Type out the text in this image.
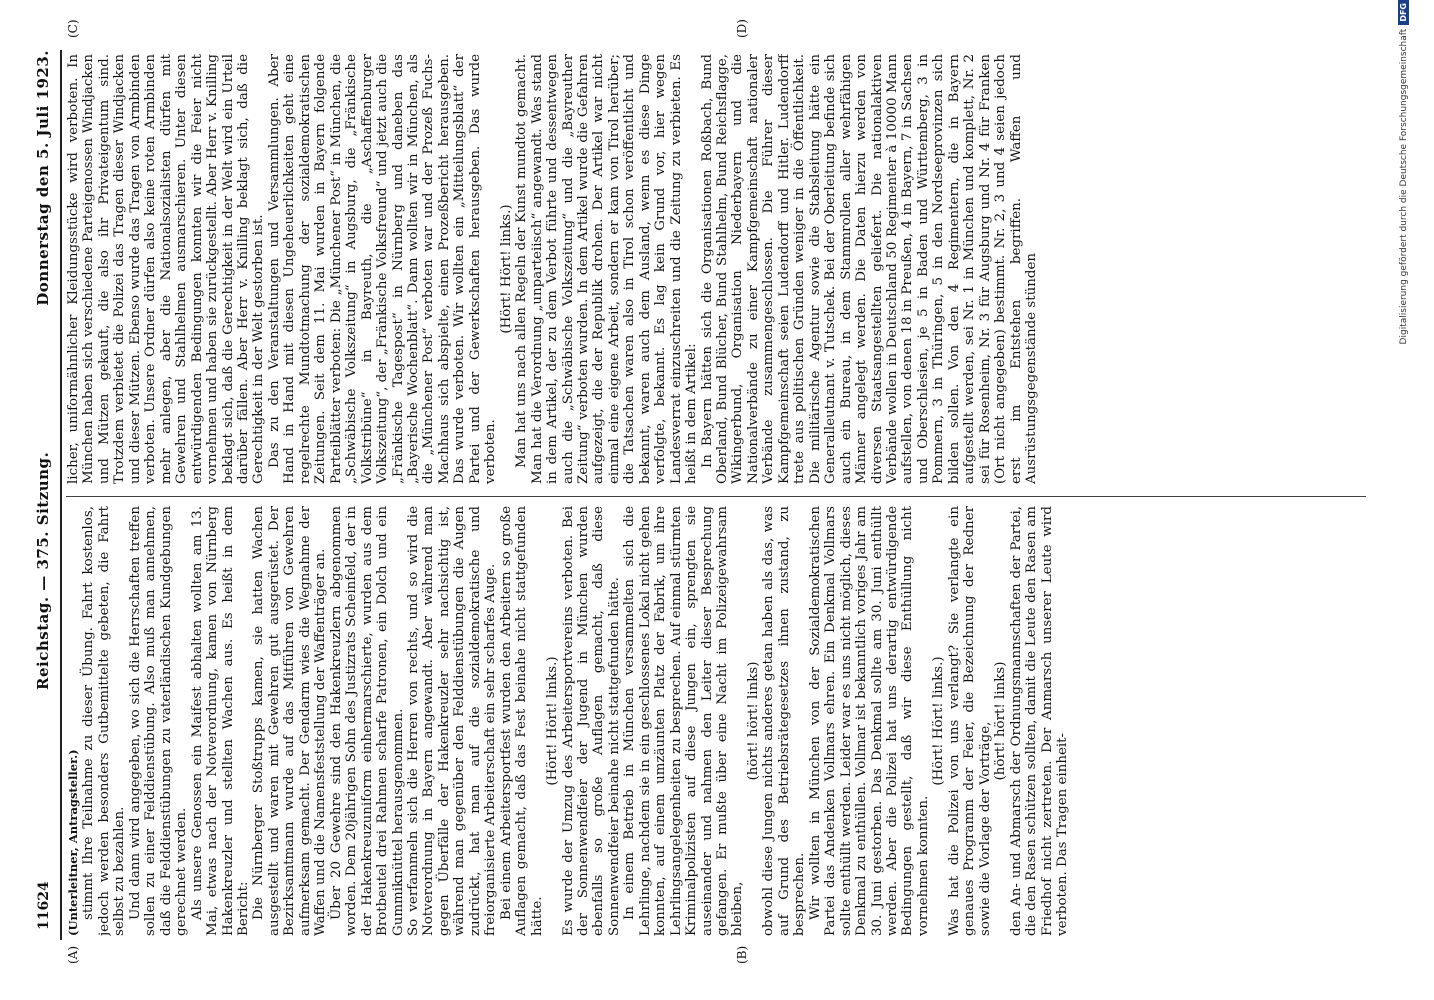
11624
Reichstag. — 375. Sitzung.
Donnerstag den 5. Juli 1923.
(A)	(B)
(C)	(D)

(Unterleitner, Antragsteller.) stimmt Ihre Teilnahme zu dieser Übung. Fahrt kostenlos, jedoch werden besonders Gutbemittelte gebeten, die Fahrt selbst zu bezahlen. Und dann wird angegeben, wo sich die Herrschaften treffen sollen zu einer Felddienstübung. Also muß man annehmen, daß die Felddienstübungen zu vaterländischen Kundgebungen gerechnet werden. Als unsere Genossen ein Maifest abhalten wollten am 13. Mai, etwas nach der Notverordnung, kamen von Nürnberg Hakenkreuzler und stellten Wachen aus. Es heißt in dem Bericht: Die Nürnberger Stoßtrupps kamen, sie hatten Wachen ausgestellt und waren mit Gewehren gut ausgerüstet. Der Bezirksamtmann wurde auf das Mitführen von Gewehren aufmerksam gemacht. Der Gendarm wies die Wegnahme der Waffen und die Namensfeststellung der Waffenträger an. Über 20 Gewehre sind den Hakenkreuzlern abgenommen worden. Dem 20jährigen Sohn des Justizrats Scheinfeld, der in der Hakenkreuzuniform einhermarschierte, wurden aus dem Brotbeutel drei Rahmen scharfe Patronen, ein Dolch und ein Gummiknüttel herausgenommen. So verfammeln sich die Herren von rechts, und so wird die Notverordnung in Bayern angewandt. Aber während man gegen Überfälle der Hakenkreuzler sehr nachsichtig ist, während man gegenüber den Felddienstübungen die Augen zudrückt, hat man auf die sozialdemokratische und freiorganisierte Arbeiterschaft ein sehr scharfes Auge. Bei einem Arbeitersportfest wurden den Arbeitern so große Auflagen gemacht, daß das Fest beinahe nicht stattgefunden hätte.

(Hört! Hört! links.) Es wurde der Umzug des Arbeitersportvereins verboten. Bei der Sonnenwendfeier der Jugend in München wurden ebenfalls so große Auflagen gemacht, daß diese Sonnenwendfeier beinahe nicht stattgefunden hätte. In einem Betrieb in München versammelten sich die Lehrlinge, nachdem sie in ein geschlossenes Lokal nicht gehen konnten, auf einem umzäunten Platz der Fabrik, um ihre Lehrlingsangelegenheiten zu besprechen. Auf einmal stürmten Kriminalpolizisten auf diese Jungen ein, sprengten sie auseinander und nahmen den Leiter dieser Besprechung gefangen. Er mußte über eine Nacht im Polizeigewahrsam bleiben,

(hört! hört! links) obwohl diese Jungen nichts anderes getan haben als das, was auf Grund des Betriebsrätegesetzes ihnen zustand, zu besprechen. Wir wollten in München von der Sozialdemokratischen Partei das Andenken Vollmars ehren. Ein Denkmal Vollmars sollte enthüllt werden. Leider war es uns nicht möglich, dieses Denkmal zu enthüllen. Vollmar ist bekanntlich voriges Jahr am 30. Juni gestorben. Das Denkmal sollte am 30. Juni enthüllt werden. Aber die Polizei hat uns derartig entwürdigende Bedingungen gestellt, daß wir diese Enthüllung nicht vornehmen konnten.

(Hört! Hört! links.) Was hat die Polizei von uns verlangt? Sie verlangte ein genaues Programm der Feier, die Bezeichnung der Redner sowie die Vorlage der Vorträge,

(hört! hört! links) den An- und Abmarsch der Ordnungsmannschaften der Partei, die den Rasen schützen sollten, damit die Leute den Rasen am Friedhof nicht zertreten. Der Anmarsch unserer Leute wird verboten. Das Tragen einheit-

licher, uniformähnlicher Kleidungsstücke wird verboten. In München haben sich verschiedene Parteigenossen Windjacken und Mützen gekauft, die also ihr Privateigentum sind. Trotzdem verbietet die Polizei das Tragen dieser Windjacken und dieser Mützen. Ebenso wurde das Tragen von Armbinden verboten. Unsere Ordner dürfen also keine roten Armbinden mehr anlegen, aber die Nationalsozialisten dürfen mit Gewehren und Stahlhelmen ausmarschieren. Unter diesen entwürdigenden Bedingungen konnten wir die Feier nicht vornehmen und haben sie zurückgestellt. Aber Herr v. Knilling beklagt sich, daß die Gerechtigkeit in der Welt wird ein Urteil darüber fällen. Aber Herr v. Knilling beklagt sich, daß die Gerechtigkeit in der Welt gestorben ist. Das zu den Veranstaltungen und Versammlungen. Aber Hand in Hand mit diesen Ungeheuerlichkeiten geht eine regelrechte Mundtotmachung der sozialdemokratischen Zeitungen. Seit dem 11. Mai wurden in Bayern folgende Parteiblätter verboten: Die „Münchener Post“ in München, die „Schwäbische Volkszeitung“ in Augsburg, die „Fränkische Volkstribüne“ in Bayreuth, die „Aschaffenburger Volkszeitung“, der „Fränkische Volksfreund“ und jetzt auch die „Fränkische Tagespost“ in Nürnberg und daneben das „Bayerische Wochenblatt“. Dann wollten wir in München, als die „Münchener Post“ verboten war und der Prozeß Fuchs-Machhaus sich abspielte, einen Prozeßbericht herausgeben. Das wurde verboten. Wir wollten ein „Mitteilungsblatt“ der Partei und der Gewerkschaften herausgeben. Das wurde verboten.

(Hört! Hört! links.) Man hat uns nach allen Regeln der Kunst mundtot gemacht. Man hat die Verordnung „unparteiisch“ angewandt. Was stand in dem Artikel, der zu dem Verbot führte und dessentwegen auch die „Schwäbische Volkszeitung“ und die „Bayreuther Zeitung“ verboten wurden. In dem Artikel wurde die Gefahren aufgezeigt, die der Republik drohen. Der Artikel war nicht einmal eine eigene Arbeit, sondern er kam von Tirol herüber; die Tatsachen waren also in Tirol schon veröffentlicht und bekannt, waren auch dem Ausland, wenn es diese Dinge verfolgte, bekannt. Es lag kein Grund vor, hier wegen Landesverrat einzuschreiten und die Zeitung zu verbieten. Es heißt in dem Artikel: In Bayern hätten sich die Organisationen Roßbach, Bund Oberland, Bund Blücher, Bund Stahlhelm, Bund Reichsflagge, Wikingerbund, Organisation Niederbayern und die Nationalverbände zu einer Kampfgemeinschaft nationaler Verbände zusammengeschlossen. Die Führer dieser Kampfgemeinschaft seien Ludendorff und Hitler. Ludendorff trete aus politischen Gründen weniger in die Öffentlichkeit. Die militärische Agentur sowie die Stabsleitung hätte ein Generalleutnant v. Tutschek. Bei der Oberleitung befinde sich auch ein Bureau, in dem Stammrollen aller wehrfähigen Männer angelegt werden. Die Daten hierzu werden von diversen Staatsangestellten geliefert. Die nationalaktiven Verbände wollen in Deutschland 50 Regimenter à 10000 Mann aufstellen, von denen 18 in Preußen, 4 in Bayern, 7 in Sachsen und Oberschlesien, je 5 in Baden und Württemberg, 3 in Pommern, 3 in Thüringen, 5 in den Nordseeprovinzen sich bilden sollen. Von den 4 Regimentern, die in Bayern aufgestellt werden, sei Nr. 1 in München und komplett, Nr. 2 sei für Rosenheim, Nr. 3 für Augsburg und Nr. 4 für Franken (Ort nicht angegeben) bestimmt. Nr. 2, 3 und 4 seien jedoch erst im Entstehen begriffen. Waffen und Ausrüstungsgegenstände stünden

Digitalisierung gefördert durch die Deutsche ForschungsgemeinschaftDFG
